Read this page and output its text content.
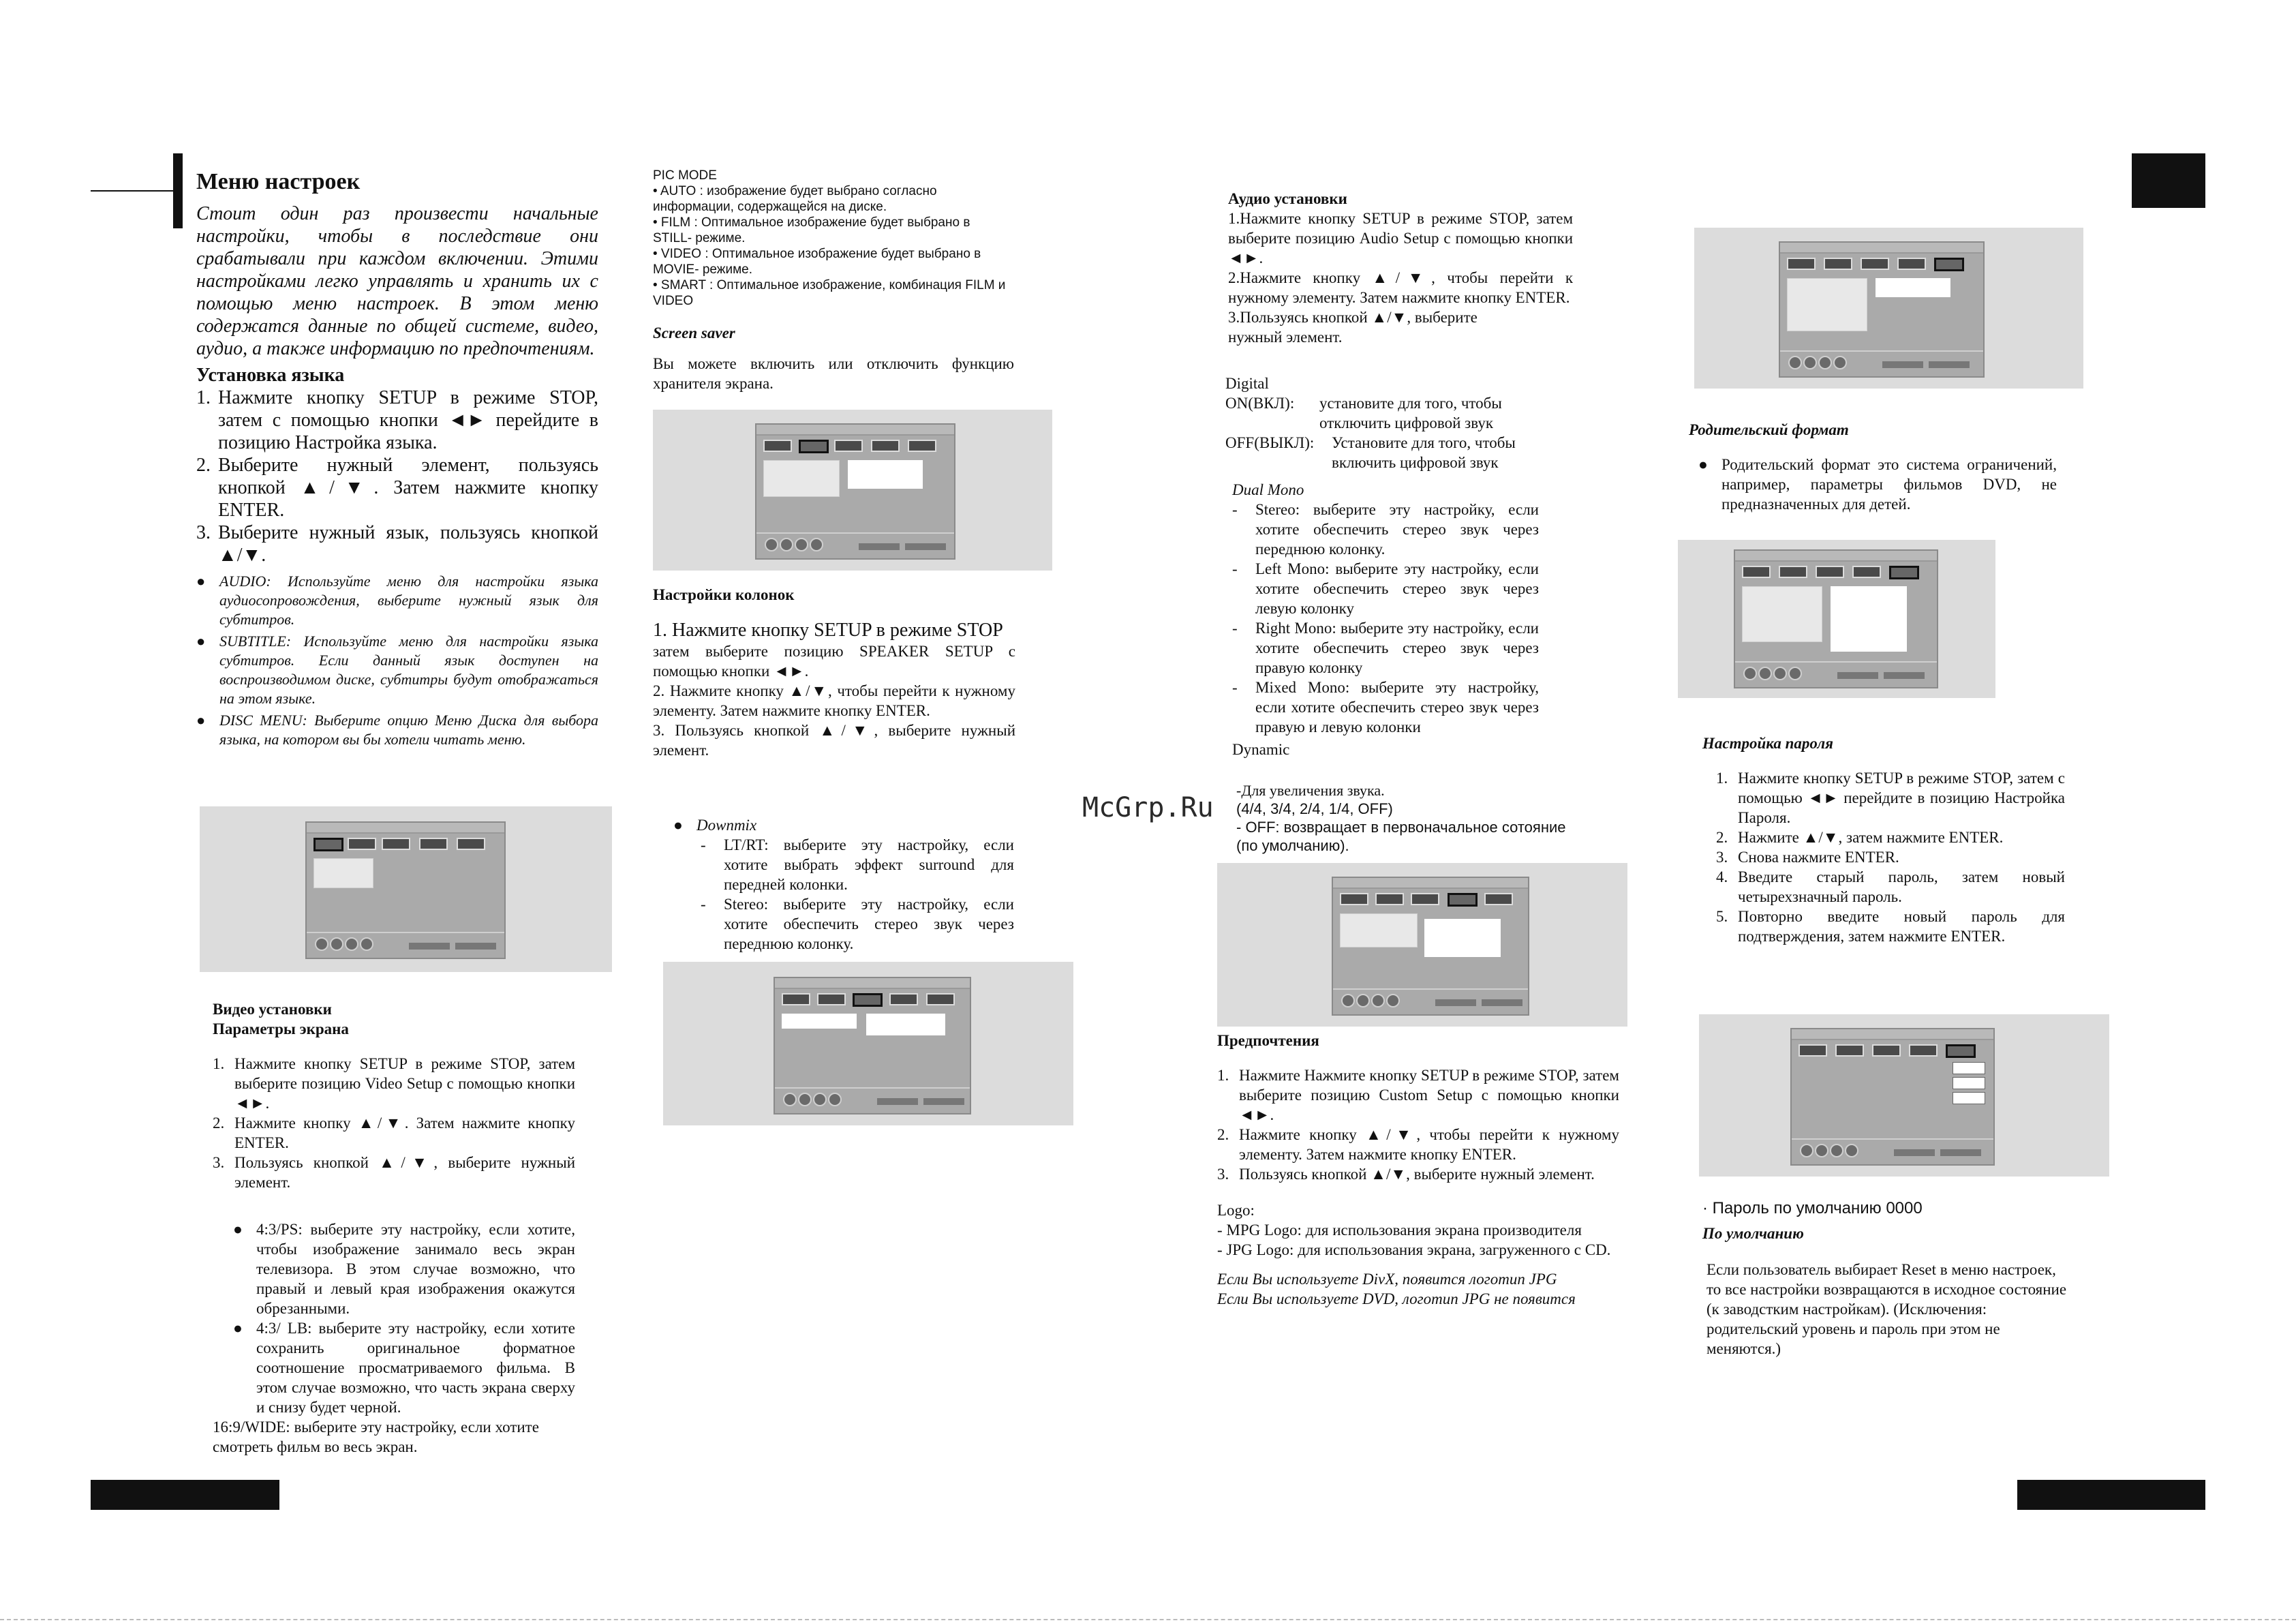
McGrp.Ru

Меню настроек

Стоит один раз произвести начальные настройки, чтобы в последствие они срабатывали при каждом включении. Этими настройками легко управлять и хранить их с помощью меню настроек. В этом меню содержатся данные по общей системе, видео, аудио, а также информацию по предпочтениям.

Установка языка

1. Нажмите кнопку SETUP в режиме STOP, затем с помощью кнопки ◄► перейдите в позицию Настройка языка.
2. Выберите нужный элемент, пользуясь кнопкой ▲/▼. Затем нажмите кнопку ENTER.
3. Выберите нужный язык, пользуясь кнопкой ▲/▼.
● AUDIO: Используйте меню для настройки языка аудиосопровождения, выберите нужный язык для субтитров.
● SUBTITLE: Используйте меню для настройки языка субтитров. Если данный язык доступен на воспроизводимом диске, субтитры будут отображаться на этом языке.
● DISC MENU: Выберите опцию Меню Диска для выбора языка, на котором вы бы хотели читать меню.

Видео установки

Параметры экрана

1. Нажмите кнопку SETUP в режиме STOP, затем выберите позицию Video Setup с помощью кнопки ◄►.
2. Нажмите кнопку ▲/▼. Затем нажмите кнопку ENTER.
3. Пользуясь кнопкой ▲/▼, выберите нужный элемент.
● 4:3/PS: выберите эту настройку, если хотите, чтобы изображение занимало весь экран телевизора. В этом случае возможно, что правый и левый края изображения окажутся обрезанными.
● 4:3/ LB: выберите эту настройку, если хотите сохранить оригинальное форматное соотношение просматриваемого фильма. В этом случае возможно, что часть экрана сверху и снизу будет черной.

16:9/WIDE: выберите эту настройку, если хотите смотреть фильм во весь экран.

PIC MODE

• AUTO : изображение будет выбрано согласно информации, содержащейся на диске.

• FILM : Оптимальное изображение будет выбрано в STILL- режиме.

• VIDEO : Оптимальное изображение будет выбрано в MOVIE- режиме.

• SMART : Оптимальное изображение, комбинация FILM и VIDEO

Screen saver

Вы можете включить или отключить функцию хранителя экрана.

Настройки колонок

1. Нажмите кнопку SETUP в режиме STOP

затем выберите позицию SPEAKER SETUP с помощью кнопки ◄►.

2. Нажмите кнопку ▲/▼, чтобы перейти к нужному элементу. Затем нажмите кнопку ENTER.

3. Пользуясь кнопкой ▲/▼, выберите нужный элемент.

● Downmix
-	LT/RT: выберите эту настройку, если хотите выбрать эффект surround для передней колонки.
-	Stereo: выберите эту настройку, если хотите обеспечить стерео звук через переднюю колонку.

Аудио установки

1.Нажмите кнопку SETUP в режиме STOP, затем выберите позицию Audio Setup с помощью кнопки ◄►.

2.Нажмите кнопку ▲/▼, чтобы перейти к нужному элементу. Затем нажмите кнопку ENTER.

3.Пользуясь кнопкой ▲/▼, выберите нужный элемент.

Digital

ON(ВКЛ):	установите для того, чтобы отключить цифровой звук
OFF(ВЫКЛ):	Установите для того, чтобы включить цифровой звук

Dual Mono

-	Stereo: выберите эту настройку, если хотите обеспечить стерео звук через переднюю колонку.
-	Left Mono: выберите эту настройку, если хотите обеспечить стерео звук через левую колонку
-	Right Mono: выберите эту настройку, если хотите обеспечить стерео звук через правую колонку
-	Mixed Mono: выберите эту настройку, если хотите обеспечить стерео звук через правую и левую колонки

Dynamic

-Для увеличения звука.

(4/4, 3/4, 2/4, 1/4, OFF)

- OFF: возвращает в первоначальное сотояние (по умолчанию).

Предпочтения

1. Нажмите Нажмите кнопку SETUP в режиме STOP, затем выберите позицию Custom Setup с помощью кнопки ◄►.
2. Нажмите кнопку ▲/▼, чтобы перейти к нужному элементу. Затем нажмите кнопку ENTER.
3. Пользуясь кнопкой ▲/▼, выберите нужный элемент.

Logo:

- MPG Logo: для использования экрана производителя

- JPG Logo: для использования экрана, загруженного с CD.

Если Вы используете DivX, появится логотип JPG

Если Вы используете DVD, логотип JPG не появится

Родительский формат

● Родительский формат это система ограничений, например, параметры фильмов DVD, не предназначенных для детей.

Настройка пароля

1. Нажмите кнопку SETUP в режиме STOP, затем с помощью ◄► перейдите в позицию Настройка Пароля.
2. Нажмите ▲/▼, затем нажмите ENTER.
3. Снова нажмите ENTER.
4. Введите старый пароль, затем новый четырехзначный пароль.
5. Повторно введите новый пароль для подтверждения, затем нажмите ENTER.

· Пароль по умолчанию 0000

По умолчанию

Если пользователь выбирает Reset в меню настроек, то все настройки возвращаются в исходное состояние (к заводстким настройкам). (Исключения: родительский уровень и пароль при этом не меняются.)
